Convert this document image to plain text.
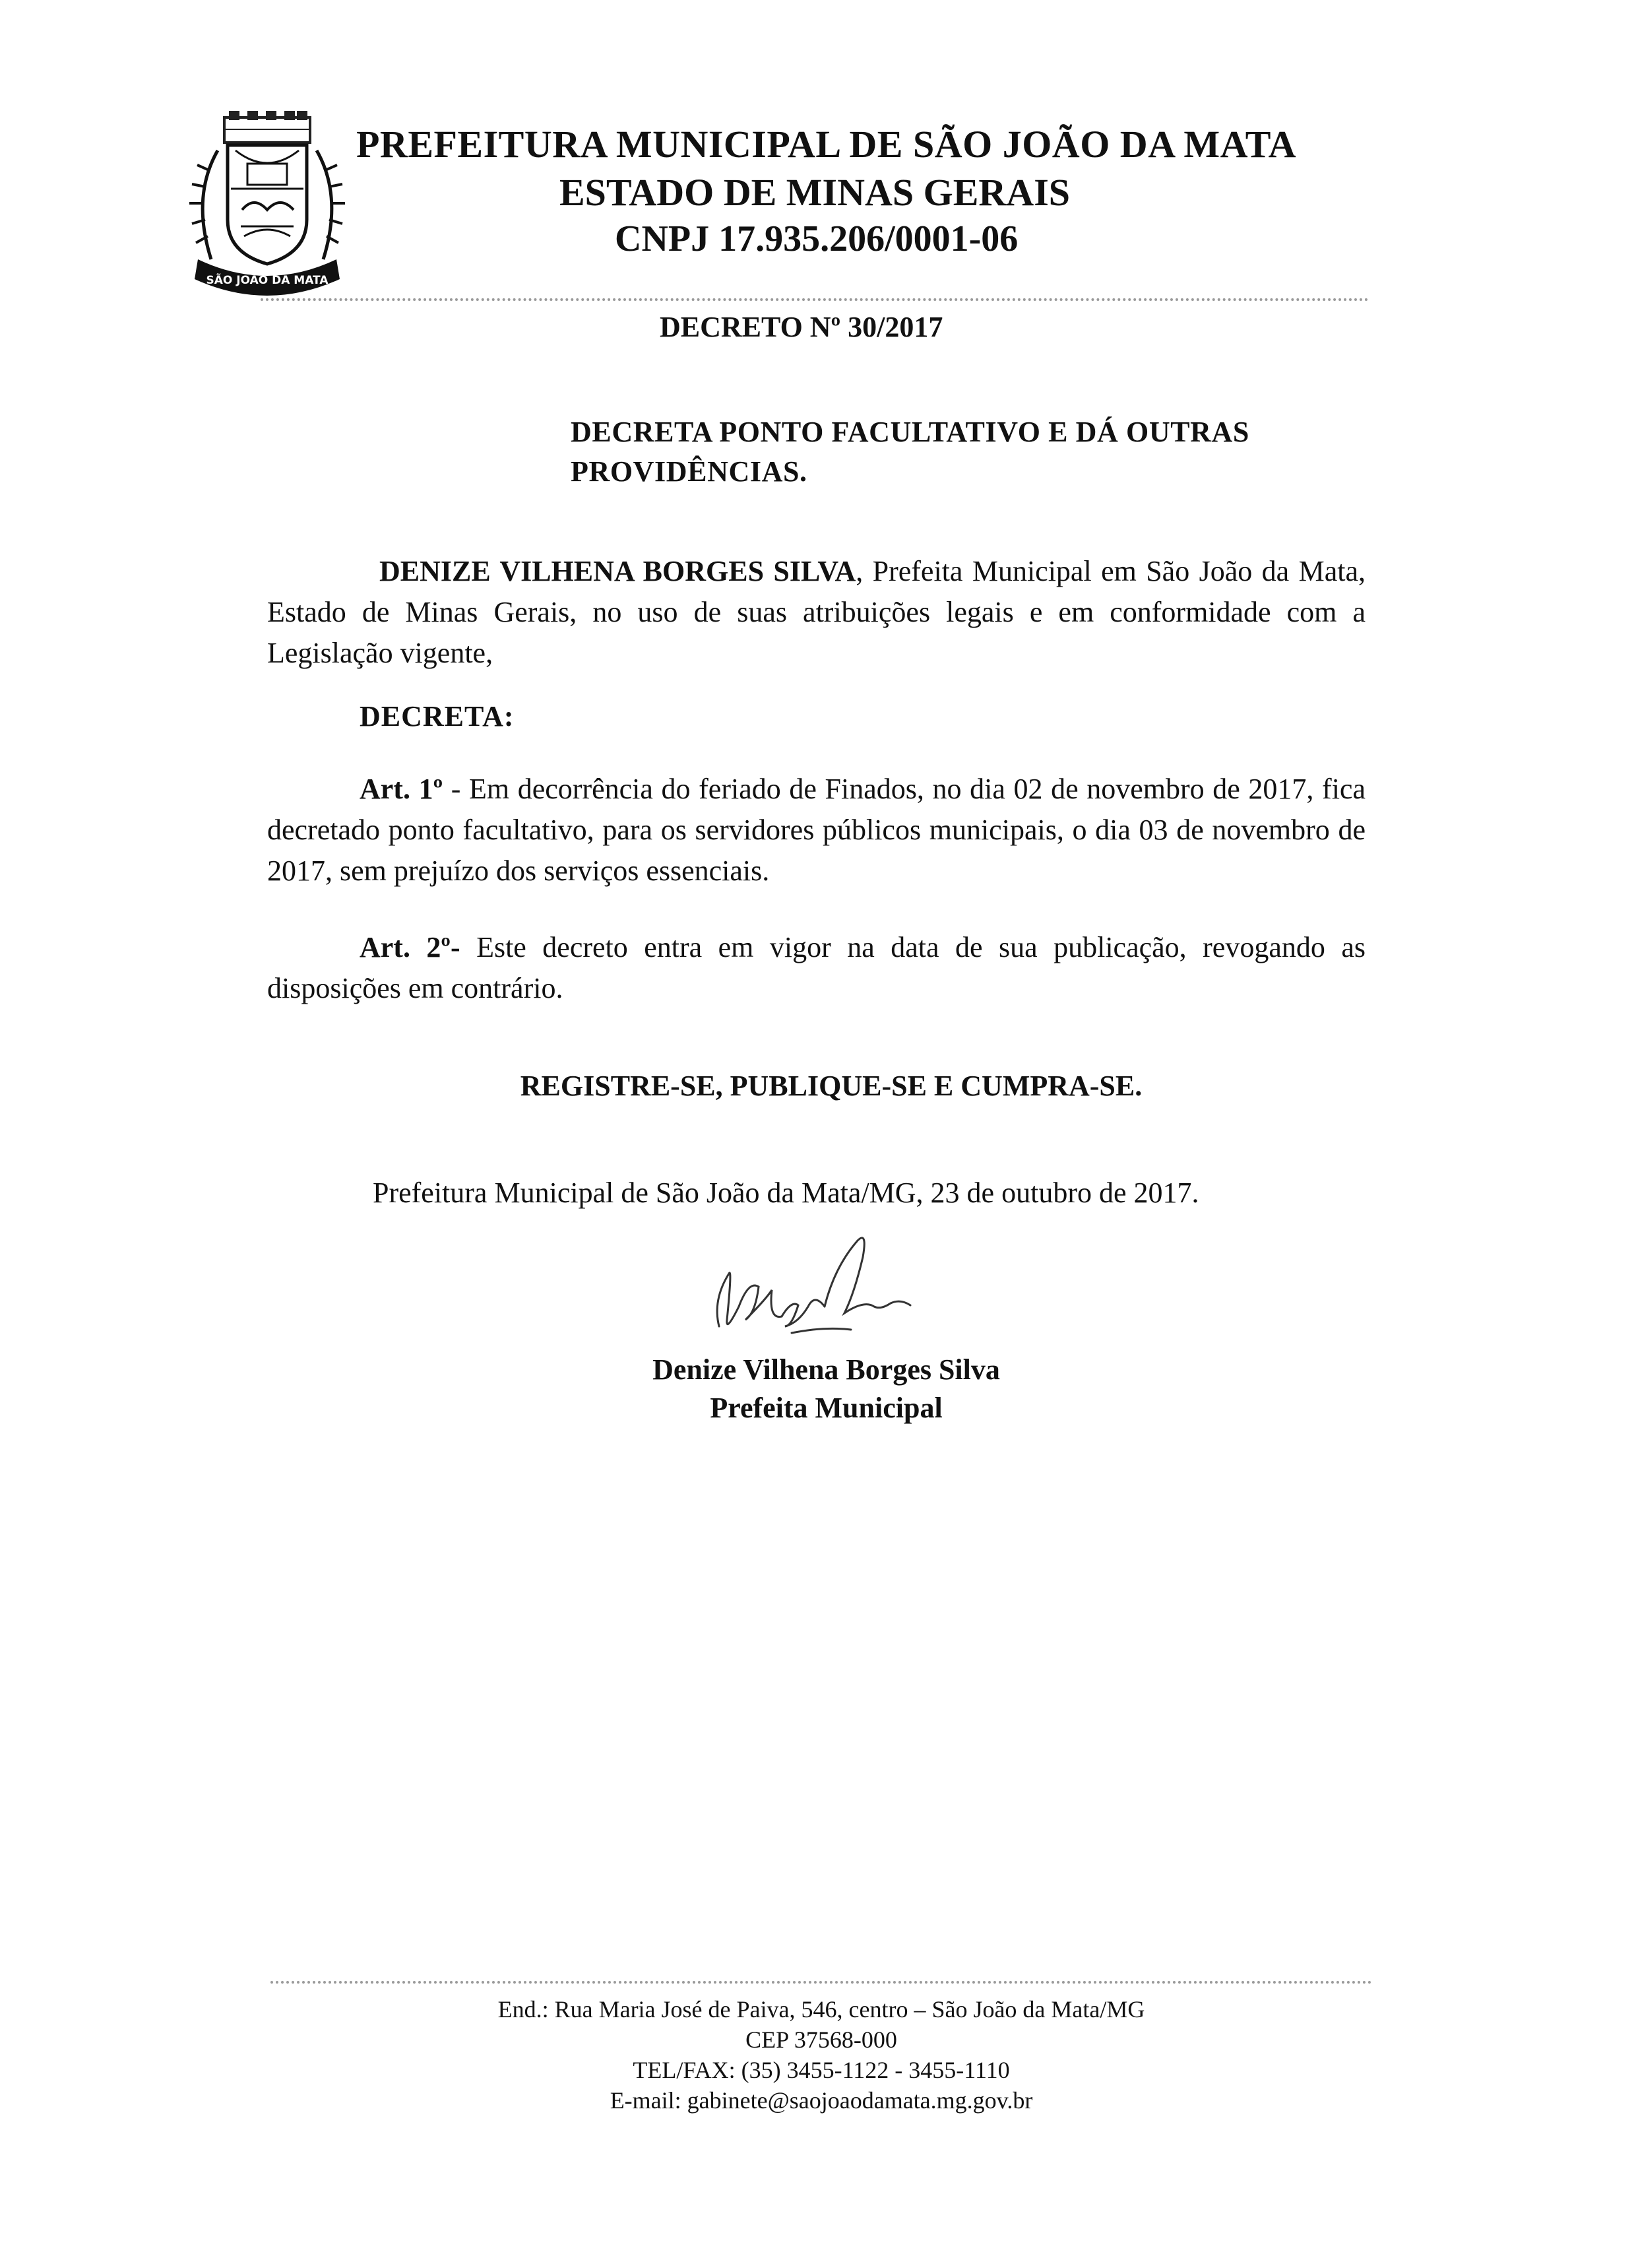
SÃO JOÃO DA MATA
PREFEITURA MUNICIPAL DE SÃO JOÃO DA MATA
ESTADO DE MINAS GERAIS
CNPJ 17.935.206/0001-06
DECRETO Nº 30/2017
DECRETA PONTO FACULTATIVO E DÁ OUTRAS PROVIDÊNCIAS.
DENIZE VILHENA BORGES SILVA, Prefeita Municipal em São João da Mata, Estado de Minas Gerais, no uso de suas atribuições legais e em conformidade com a Legislação vigente,
DECRETA:
Art. 1º - Em decorrência do feriado de Finados, no dia 02 de novembro de 2017, fica decretado ponto facultativo, para os servidores públicos municipais, o dia 03 de novembro de 2017, sem prejuízo dos serviços essenciais.
Art. 2º- Este decreto entra em vigor na data de sua publicação, revogando as disposições em contrário.
REGISTRE-SE, PUBLIQUE-SE E CUMPRA-SE.
Prefeitura Municipal de São João da Mata/MG, 23 de outubro de 2017.
Denize Vilhena Borges Silva
Prefeita Municipal
End.: Rua Maria José de Paiva, 546, centro – São João da Mata/MG
CEP 37568-000
TEL/FAX: (35) 3455-1122 - 3455-1110
E-mail: gabinete@saojoaodamata.mg.gov.br
